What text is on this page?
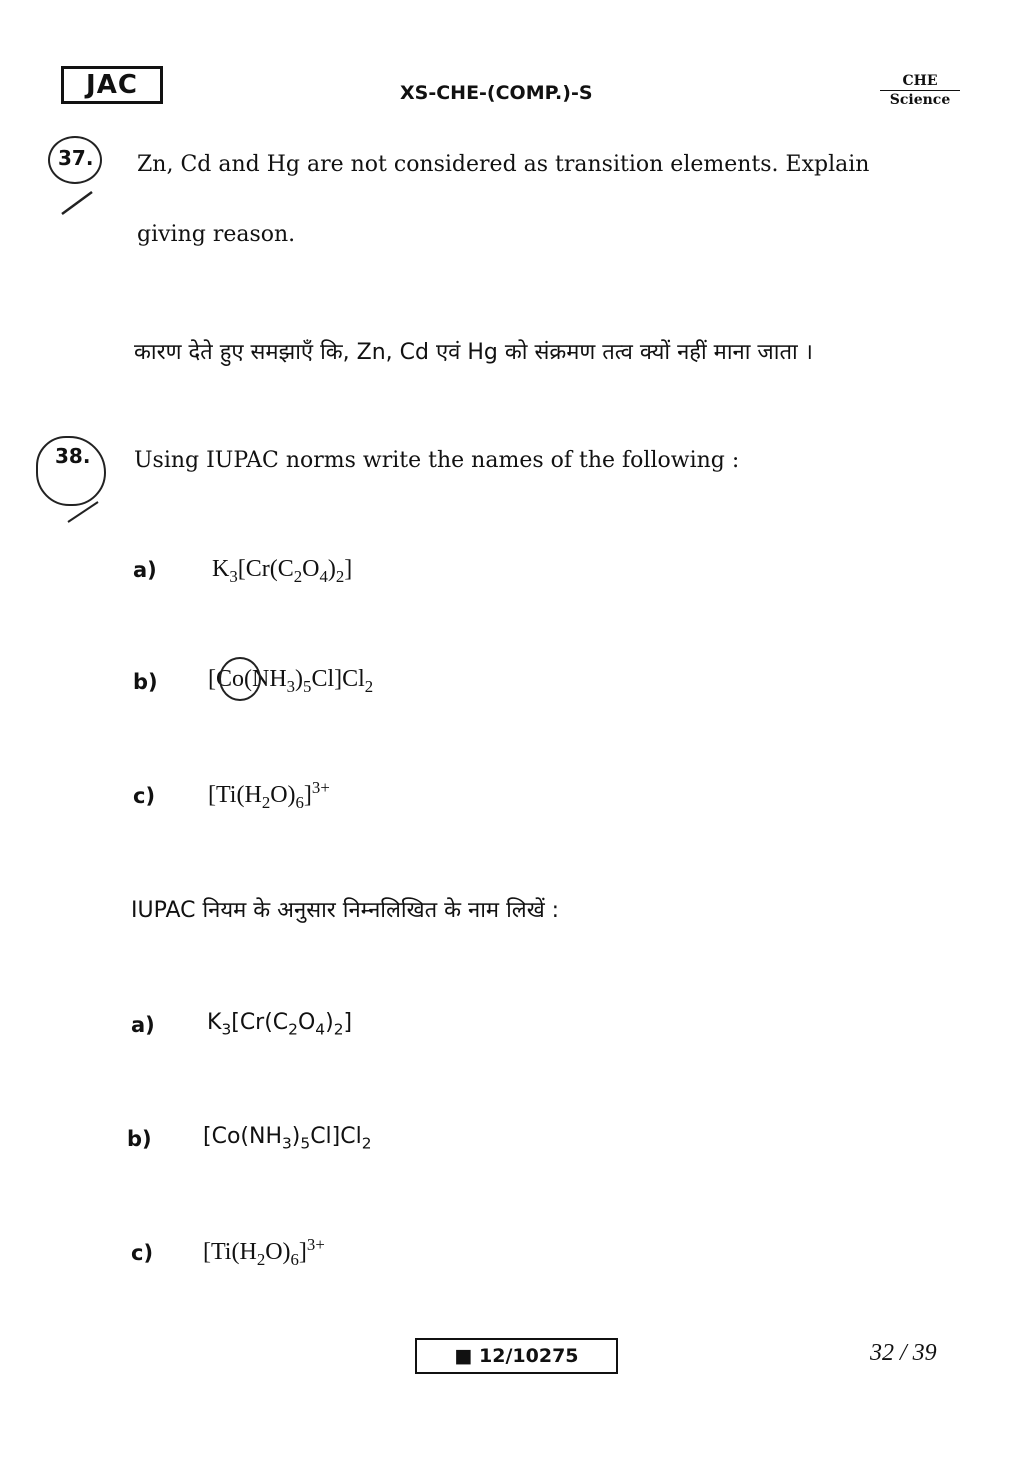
JAC	XS-CHE-(COMP.)-S
CHE
Science
37. Zn, Cd and Hg are not considered as transition elements. Explain
giving reason.
कारण देते हुए समझाएँ कि, Zn, Cd एवं Hg को संक्रमण तत्व क्यों नहीं माना जाता ।
38. Using IUPAC norms write the names of the following :
a) $K_3[Cr(C_2O_4)_2]$
b) $[Co(NH_3)_5Cl]Cl_2$
c) $[Ti(H_2O)_6]^{3+}$
IUPAC नियम के अनुसार निम्नलिखित के नाम लिखें :
a) $K_3[Cr(C_2O_4)_2]$
b) $[Co(NH_3)_5Cl]Cl_2$
c) $[Ti(H_2O)_6]^{3+}$
■ 12/10275	32 / 39
